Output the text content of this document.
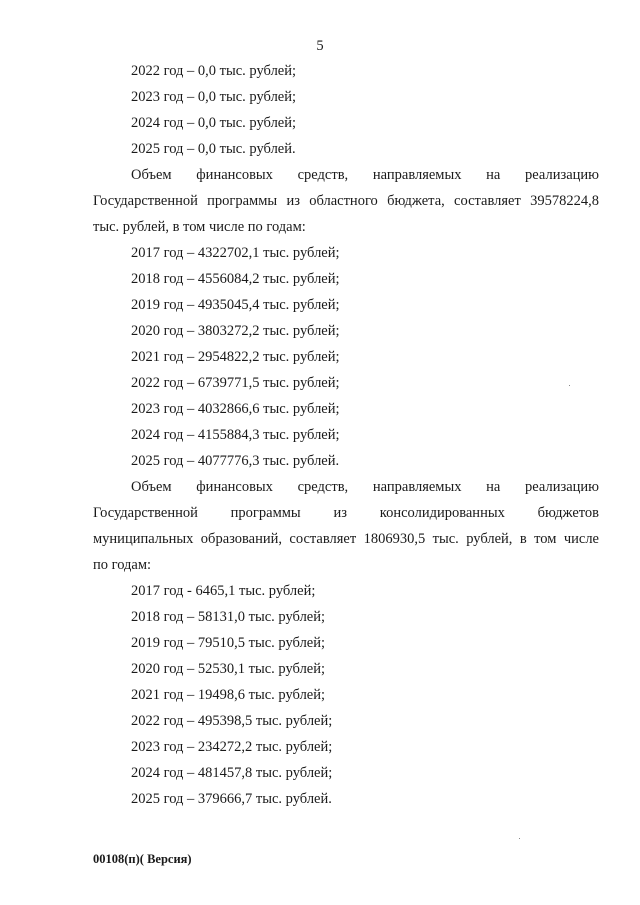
5
2022 год – 0,0 тыс. рублей;
2023 год – 0,0 тыс. рублей;
2024 год – 0,0 тыс. рублей;
2025 год – 0,0 тыс. рублей.
Объем финансовых средств, направляемых на реализацию
Государственной программы из областного бюджета, составляет 39578224,8
тыс. рублей, в том числе по годам:
2017 год – 4322702,1 тыс. рублей;
2018 год – 4556084,2 тыс. рублей;
2019 год – 4935045,4 тыс. рублей;
2020 год – 3803272,2 тыс. рублей;
2021 год – 2954822,2 тыс. рублей;
2022 год – 6739771,5 тыс. рублей;
2023 год – 4032866,6 тыс. рублей;
2024 год – 4155884,3 тыс. рублей;
2025 год – 4077776,3 тыс. рублей.
Объем финансовых средств, направляемых на реализацию
Государственной программы из консолидированных бюджетов
муниципальных образований, составляет 1806930,5 тыс. рублей, в том числе
по годам:
2017 год - 6465,1 тыс. рублей;
2018 год – 58131,0 тыс. рублей;
2019 год – 79510,5 тыс. рублей;
2020 год – 52530,1 тыс. рублей;
2021 год – 19498,6 тыс. рублей;
2022 год – 495398,5 тыс. рублей;
2023 год – 234272,2 тыс. рублей;
2024 год – 481457,8 тыс. рублей;
2025 год – 379666,7 тыс. рублей.
00108(п)( Версия)
